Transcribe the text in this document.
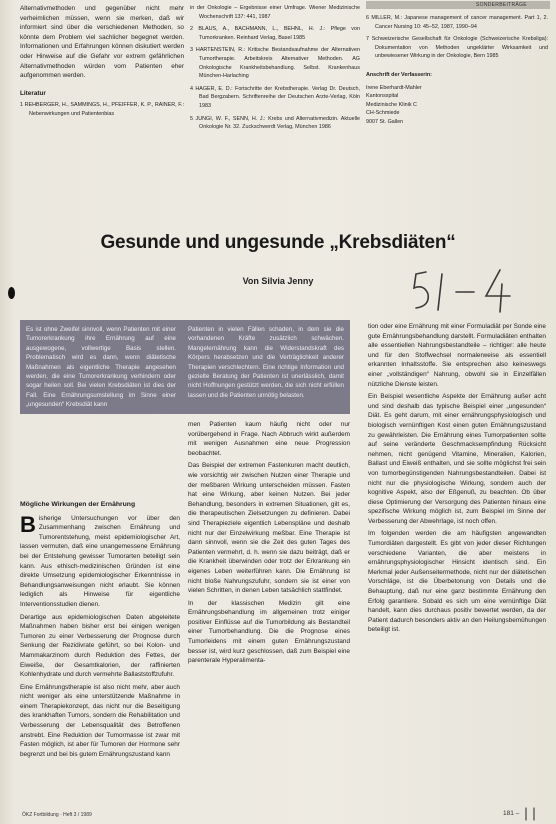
SONDERBEITRÄGE

Alternativmethoden und gegenüber nicht mehr verheimlichen müssen, wenn sie merken, daß wir informiert sind über die verschiedenen Methoden, so könnte dem Problem viel sachlicher begegnet werden. Informationen und Erfahrungen können diskutiert werden oder Hinweise auf die Gefahr vor extrem gefährlichen Alternativmethoden würden vom Patienten eher aufgenommen werden.

Literatur

1 REHBERGER, H., SAMMINGS, H., PFEIFFER, K. P., RAINER, F.: Nebenwirkungen und Patientenbias
in der Onkologie – Ergebnisse einer Umfrage. Wiener Medizinische Wochenschrift 137: 441, 1987
2 BLAUS, A., BACHMANN, L., BEHNL, H. J.: Pflege von Tumorkranken. Reinhard Verlag, Basel 1985
3 HARTENSTEIN, R.: Kritische Bestandsaufnahme der Alternativen Tumortherapie. Arbeitskreis Alternativer Methoden. AG Onkologische Krankheitsbehandlung. Selbst. Krankenhaus München-Harlaching
4 HAGER, E. D.: Fortschritte der Krebstherapie. Verlag Dr. Deutsch, Bad Bergzabern. Schriftenreihe der Deutschen Arzte-Verlag, Köln 1983
5 JUNGI, W. F., SENN, H. J.: Krebs und Alternativmedizin. Aktuelle Onkologie Nr. 32. Zuckschwerdt Verlag, München 1986
6 MILLER, M.: Japanese management of cancer management. Part 1, 2. Cancer Nursing 10: 45–52, 1987, 1990–94
7 Schweizerische Gesellschaft für Onkologie (Schweizerische Krebsliga): Dokumentation von Methoden ungeklärter Wirksamkeit und unbewiesener Wirkung in der Onkologie, Bern 1985
Anschrift der Verfasserin:
Irene Eberhardt-Mahler
Kantonsspital
Medizinische Klinik C
CH-Schmiede
9007 St. Gallen
Gesunde und ungesunde „Krebsdiäten“
Von Silvia Jenny
Es ist ohne Zweifel sinnvoll, wenn Patienten mit einer Tumorerkrankung ihre Ernährung auf eine ausgewogene, vollwertige Basis stellen. Problematisch wird es dann, wenn diätetische Maßnahmen als eigentliche Therapie angesehen werden, die eine Tumorerkrankung verhindern oder sogar heilen soll. Bei vielen Krebsdiäten ist dies der Fall. Eine Ernährungsumstellung im Sinne einer „ungesunden“ Krebsdiät kann
Patienten in vielen Fällen schaden, in dem sie die vorhandenen Kräfte zusätzlich schwächen. Mangelernährung kann die Widerstandskraft des Körpers herabsetzen und die Verträglichkeit anderer Therapien verschlechtern. Eine richtige Information und gezielte Beratung der Patienten ist unerlässlich, damit nicht Hoffnungen gestützt werden, die sich nicht erfüllen lassen und die Patienten unnötig belasten.
Mögliche Wirkungen der Ernährung
B isherige Untersuchungen vor über den Zusammenhang zwischen Ernährung und Tumorentstehung, meist epidemiologischer Art, lassen vermuten, daß eine unangemessene Ernährung bei der Entstehung gewisser Tumorarten beteiligt sein kann. Aus ethisch-medizinischen Gründen ist eine direkte Umsetzung epidemiologischer Erkenntnisse in Behandlungsanweisungen nicht erlaubt. Sie können lediglich als Hinweise für eigentliche Interventionsstudien dienen.

Derartige aus epidemiologischen Daten abgeleitete Maßnahmen haben bisher erst bei einigen wenigen Tumoren zu einer Verbesserung der Prognose durch Senkung der Rezidivrate geführt, so bei Kolon- und Mammakarzinom durch Reduktion des Fettes, der Eiweiße, der Gesamtkalorien, der raffinierten Kohlenhydrate und durch vermehrte Ballaststoffzufuhr.

Eine Ernährungstherapie ist also nicht mehr, aber auch nicht weniger als eine unterstützende Maßnahme in einem Therapiekonzept, das nicht nur die Beseitigung des krankhaften Tumors, sondern die Rehabilitation und Verbesserung der Lebensqualität des Betroffenen anstrebt. Eine Reduktion der Tumormasse ist zwar mit Fasten möglich, ist aber für Tumoren der Hormone sehr begrenzt und bei bis gutem Ernährungszustand kann

men Patienten kaum häufig nicht oder nur vorübergehend in Frage. Nach Abbruch wirkt außerdem mit wenigen Ausnahmen eine neue Progression beobachtet.

Das Beispiel der extremen Fastenkuren macht deutlich, wie vorsichtig wir zwischen Nutzen einer Therapie und der meßbaren Wirkung unterscheiden müssen. Fasten hat eine Wirkung, aber keinen Nutzen. Bei jeder Behandlung, besonders in extremen Situationen, gilt es, die therapeutischen Zielsetzungen zu definieren. Dabei sind Therapieziele eigentlich Lebenspläne und deshalb nicht nur der Einzelwirkung meßbar. Eine Therapie ist dann sinnvoll, wenn sie die Zeit des guten Tages des Patienten vermehrt, d. h. wenn sie dazu beiträgt, daß er die Krankheit überwinden oder trotz der Erkrankung ein eigenes Leben weiterführen kann. Die Ernährung ist nicht bloße Nahrungszufuhr, sondern sie ist einer von vielen Schritten, in denen Leben tatsächlich stattfindet.

In der klassischen Medizin gilt eine Ernährungsbehandlung im allgemeinen trotz einiger positiver Einflüsse auf die Tumorbildung als Bestandteil einer Tumorbehandlung. Die die Prognose eines Tumorleidens mit einem guten Ernährungszustand besser ist, wird kurz geschlossen, daß zum Beispiel eine parenterale Hyperalimenta-

tion oder eine Ernährung mit einer Formuladiät per Sonde eine gute Ernährungsbehandlung darstellt. Formuladiäten enthalten alle essentiellen Nahrungsbestandteile – richtiger: alle heute und für den Stoffwechsel normalerweise als essentiell erkannten Inhaltsstoffe. Sie entsprechen also keineswegs einer „vollständigen“ Nahrung, obwohl sie in Einzelfällen nützliche Dienste leisten.

Ein Beispiel wesentliche Aspekte der Ernährung außer acht und sind deshalb das typische Beispiel einer „ungesunden“ Diät. Es geht darum, mit einer ernährungsphysiologisch und biologisch vernünftigen Kost einen guten Ernährungszustand zu gewährleisten. Die Ernährung eines Tumorpatienten sollte auf seine veränderte Geschmacksempfindung Rücksicht nehmen, nicht genügend Vitamine, Mineralien, Kalorien, Ballast und Eiweiß enthalten, und sie sollte möglichst frei sein von tumorbegünstigenden Nahrungsbestandteilen. Dabei ist nicht nur die physiologische Wirkung, sondern auch der kognitive Aspekt, also der Eßgenuß, zu beachten. Ob über diese Optimierung der Versorgung des Patienten hinaus eine spezifische Wirkung möglich ist, zum Beispiel im Sinne der Verbesserung der Abwehrlage, ist noch offen.

Im folgenden werden die am häufigsten angewandten Tumordiäten dargestellt. Es gibt von jeder dieser Richtungen verschiedene Varianten, die aber meistens in ernährungsphysiologischer Hinsicht identisch sind. Ein Merkmal jeder Außenseitermethode, nicht nur der diätetischen Vorschläge, ist die Überbetonung von Details und die Behauptung, daß nur eine ganz bestimmte Ernährung den Erfolg garantiere. Sobald es sich um eine vernünftige Diät handelt, kann dies durchaus positiv bewertet werden, da der Patient dadurch besonders aktiv an den Heilungsbemühungen beteiligt ist.

ÖKZ Fortbildung · Heft 3 / 1989	181 –
